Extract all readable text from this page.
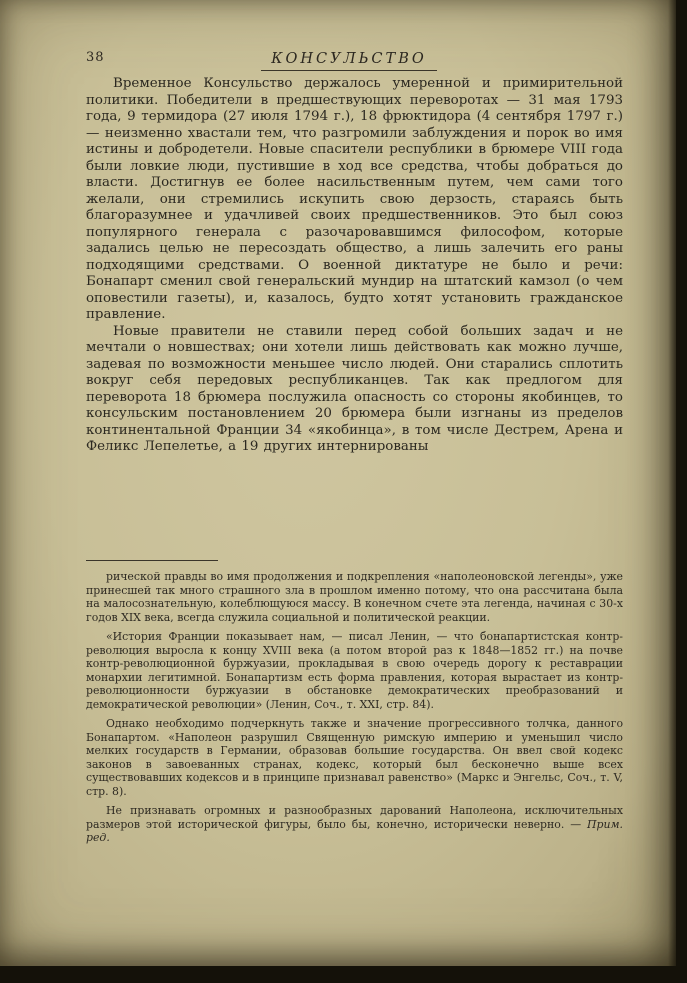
38	КОНСУЛЬСТВО

Временное Консульство держалось умеренной и примирительной политики. Победители в предшествующих переворотах — 31 мая 1793 года, 9 термидора (27 июля 1794 г.), 18 фрюктидора (4 сентября 1797 г.) — неизменно хвастали тем, что разгромили заблуждения и порок во имя истины и добродетели. Новые спасители республики в брюмере VIII года были ловкие люди, пустившие в ход все средства, чтобы добраться до власти. Достигнув ее более насильственным путем, чем сами того желали, они стремились искупить свою дерзость, стараясь быть благоразумнее и удачливей своих предшественников. Это был союз популярного генерала с разочаровавшимся философом, которые задались целью не пересоздать общество, а лишь залечить его раны подходящими средствами. О военной диктатуре не было и речи: Бонапарт сменил свой генеральский мундир на штатский камзол (о чем оповестили газеты), и, казалось, будто хотят установить гражданское правление.

Новые правители не ставили перед собой больших задач и не мечтали о новшествах; они хотели лишь действовать как можно лучше, задевая по возможности меньшее число людей. Они старались сплотить вокруг себя передовых республиканцев. Так как предлогом для переворота 18 брюмера послужила опасность со стороны якобинцев, то консульским постановлением 20 брюмера были изгнаны из пределов континентальной Франции 34 «якобинца», в том числе Дестрем, Арена и Феликс Лепелетье, а 19 других интернированы

рической правды во имя продолжения и подкрепления «наполеоновской легенды», уже принесшей так много страшного зла в прошлом именно потому, что она рассчитана была на малосознательную, колеблющуюся массу. В конечном счете эта легенда, начиная с 30-х годов XIX века, всегда служила социальной и политической реакции.

«История Франции показывает нам, — писал Ленин, — что бонапартистская контр-революция выросла к концу XVIII века (а потом второй раз к 1848—1852 гг.) на почве контр-революционной буржуазии, прокладывая в свою очередь дорогу к реставрации монархии легитимной. Бонапартизм есть форма правления, которая вырастает из контр-революционности буржуазии в обстановке демократических преобразований и демократической революции» (Ленин, Соч., т. XXI, стр. 84).

Однако необходимо подчеркнуть также и значение прогрессивного толчка, данного Бонапартом. «Наполеон разрушил Священную римскую империю и уменьшил число мелких государств в Германии, образовав большие государства. Он ввел свой кодекс законов в завоеванных странах, кодекс, который был бесконечно выше всех существовавших кодексов и в принципе признавал равенство» (Маркс и Энгельс, Соч., т. V, стр. 8).

Не признавать огромных и разнообразных дарований Наполеона, исключительных размеров этой исторической фигуры, было бы, конечно, исторически неверно. — Прим. ред.
